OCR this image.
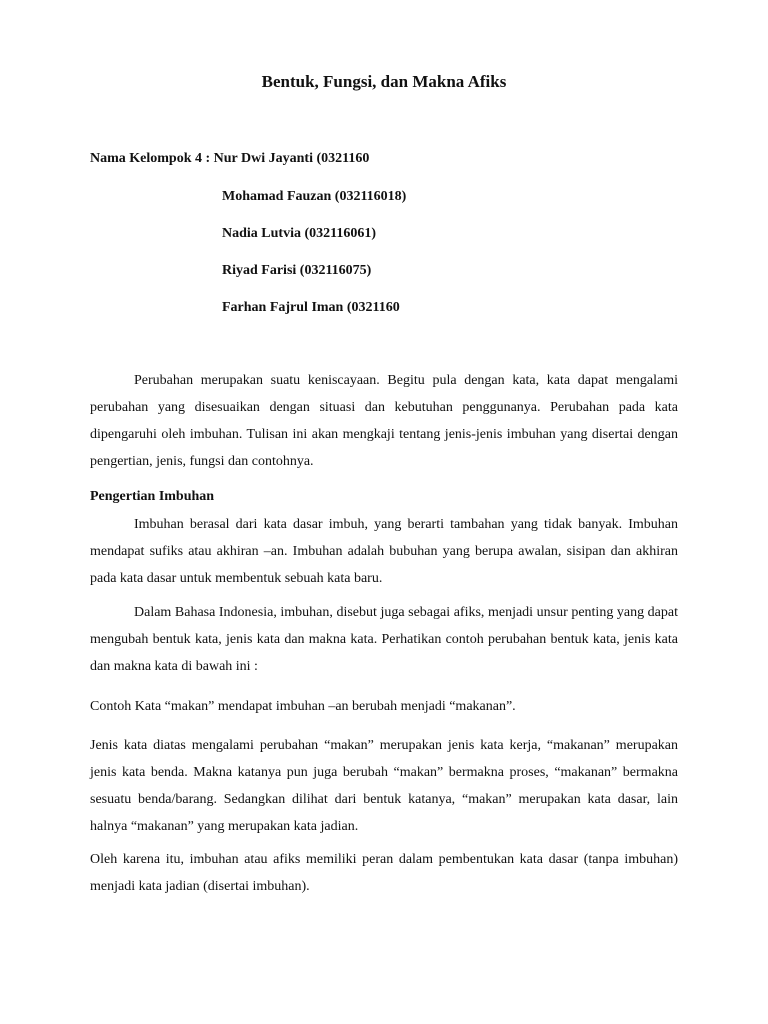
Bentuk, Fungsi, dan Makna Afiks
Nama Kelompok 4 : Nur Dwi Jayanti (0321160
Mohamad Fauzan (032116018)
Nadia Lutvia (032116061)
Riyad Farisi (032116075)
Farhan Fajrul Iman (0321160

Perubahan merupakan suatu keniscayaan. Begitu pula dengan kata, kata dapat mengalami perubahan yang disesuaikan dengan situasi dan kebutuhan penggunanya. Perubahan pada kata dipengaruhi oleh imbuhan. Tulisan ini akan mengkaji tentang jenis-jenis imbuhan yang disertai dengan pengertian, jenis, fungsi dan contohnya.

Pengertian Imbuhan

Imbuhan berasal dari kata dasar imbuh, yang berarti tambahan yang tidak banyak. Imbuhan mendapat sufiks atau akhiran –an. Imbuhan adalah bubuhan yang berupa awalan, sisipan dan akhiran pada kata dasar untuk membentuk sebuah kata baru.

Dalam Bahasa Indonesia, imbuhan, disebut juga sebagai afiks, menjadi unsur penting yang dapat mengubah bentuk kata, jenis kata dan makna kata. Perhatikan contoh perubahan bentuk kata, jenis kata dan makna kata di bawah ini :

Contoh Kata “makan” mendapat imbuhan –an berubah menjadi “makanan”.

Jenis kata diatas mengalami perubahan “makan” merupakan jenis kata kerja, “makanan” merupakan jenis kata benda. Makna katanya pun juga berubah “makan” bermakna proses, “makanan” bermakna sesuatu benda/barang. Sedangkan dilihat dari bentuk katanya, “makan” merupakan kata dasar, lain halnya “makanan” yang merupakan kata jadian.

Oleh karena itu, imbuhan atau afiks memiliki peran dalam pembentukan kata dasar (tanpa imbuhan) menjadi kata jadian (disertai imbuhan).
